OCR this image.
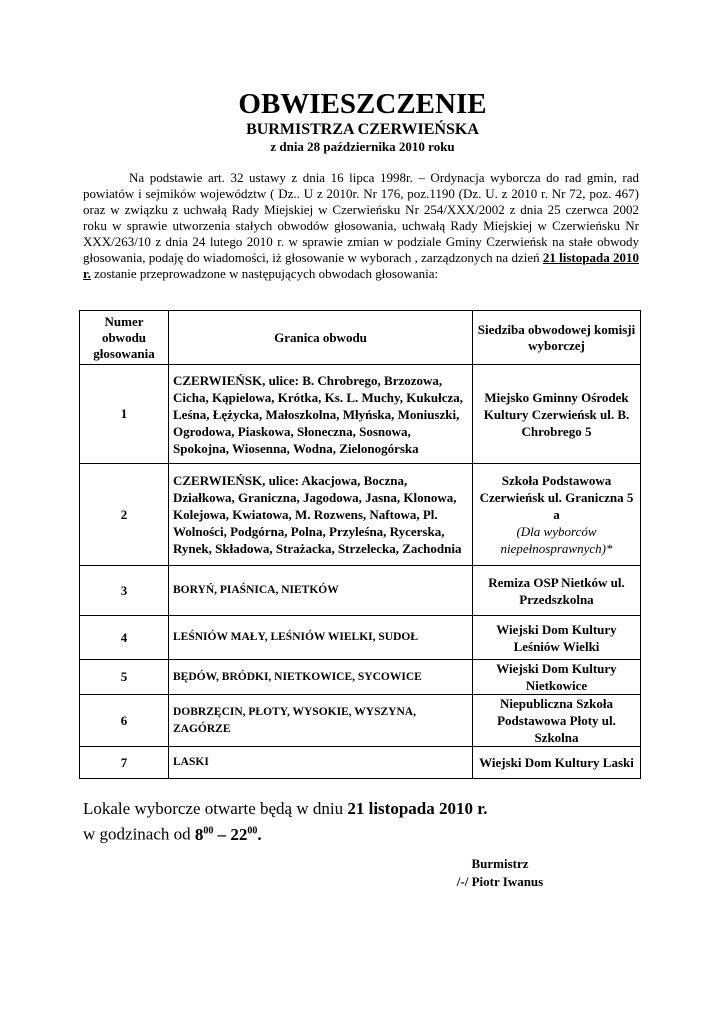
OBWIESZCZENIE
BURMISTRZA CZERWIEŃSKA
z dnia 28 października 2010 roku
Na podstawie art. 32 ustawy z dnia 16 lipca 1998r. – Ordynacja wyborcza do rad gmin, rad powiatów i sejmików województw ( Dz.. U z 2010r. Nr 176, poz.1190 (Dz. U. z 2010 r. Nr 72, poz. 467) oraz w związku z uchwałą Rady Miejskiej w Czerwieńsku Nr 254/XXX/2002 z dnia 25 czerwca 2002 roku w sprawie utworzenia stałych obwodów głosowania, uchwałą Rady Miejskiej w Czerwieńsku Nr XXX/263/10 z dnia 24 lutego 2010 r. w sprawie zmian w podziale Gminy Czerwieńsk na stałe obwody głosowania, podaję do wiadomości, iż głosowanie w wyborach , zarządzonych na dzień 21 listopada 2010 r. zostanie przeprowadzone w następujących obwodach głosowania:
Numer obwodu głosowania	Granica obwodu	Siedziba obwodowej komisji wyborczej
1	CZERWIEŃSK, ulice: B. Chrobrego, Brzozowa, Cicha, Kąpielowa, Krótka, Ks. L. Muchy, Kukułcza, Leśna, Łężycka, Małoszkolna, Młyńska, Moniuszki, Ogrodowa, Piaskowa, Słoneczna, Sosnowa, Spokojna, Wiosenna, Wodna, Zielonogórska	Miejsko Gminny Ośrodek Kultury Czerwieńsk ul. B. Chrobrego 5
2	CZERWIEŃSK, ulice: Akacjowa, Boczna, Działkowa, Graniczna, Jagodowa, Jasna, Klonowa, Kolejowa, Kwiatowa, M. Rozwens, Naftowa, Pl. Wolności, Podgórna, Polna, Przyleśna, Rycerska, Rynek, Składowa, Strażacka, Strzelecka, Zachodnia	Szkoła Podstawowa Czerwieńsk ul. Graniczna 5 a
(Dla wyborców niepełnosprawnych)*

3	BORYŃ, PIAŚNICA, NIETKÓW	Remiza OSP Nietków ul. Przedszkolna
4	LEŚNIÓW MAŁY, LEŚNIÓW WIELKI, SUDOŁ	Wiejski Dom Kultury Leśniów Wielki
5	BĘDÓW, BRÓDKI, NIETKOWICE, SYCOWICE	Wiejski Dom Kultury Nietkowice
6	DOBRZĘCIN, PŁOTY, WYSOKIE, WYSZYNA, ZAGÓRZE	Niepubliczna Szkoła Podstawowa Płoty ul. Szkolna
7	LASKI	Wiejski Dom Kultury Laski
Lokale wyborcze otwarte będą w dniu 21 listopada 2010 r.
w godzinach od $8^{00} - 22^{00}$.
Burmistrz
/-/ Piotr Iwanus
